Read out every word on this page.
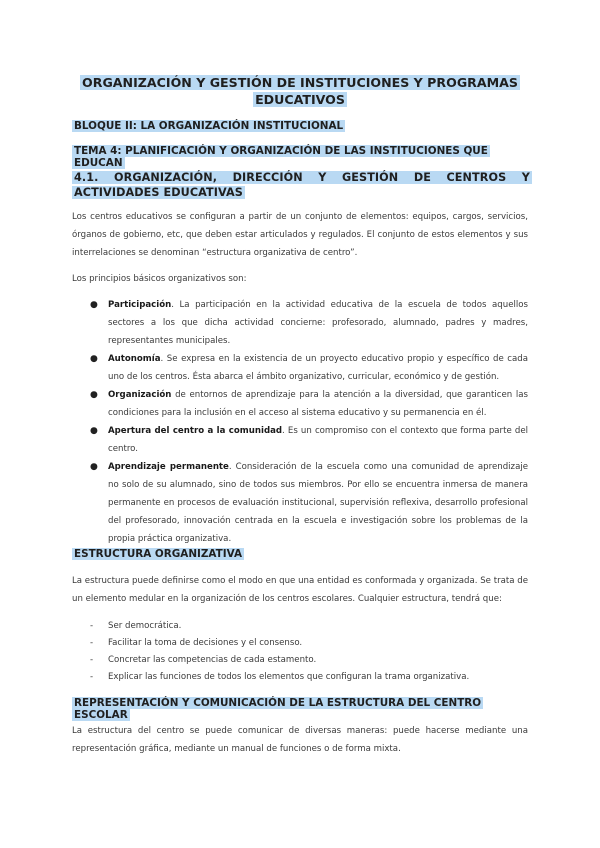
ORGANIZACIÓN Y GESTIÓN DE INSTITUCIONES Y PROGRAMAS EDUCATIVOS
BLOQUE II: LA ORGANIZACIÓN INSTITUCIONAL
TEMA 4: PLANIFICACIÓN Y ORGANIZACIÓN DE LAS INSTITUCIONES QUE EDUCAN
4.1. ORGANIZACIÓN, DIRECCIÓN Y GESTIÓN DE CENTROS Y ACTIVIDADES EDUCATIVAS

Los centros educativos se configuran a partir de un conjunto de elementos: equipos, cargos, servicios, órganos de gobierno, etc, que deben estar articulados y regulados. El conjunto de estos elementos y sus interrelaciones se denominan “estructura organizativa de centro”.

Los principios básicos organizativos son:

● Participación. La participación en la actividad educativa de la escuela de todos aquellos sectores a los que dicha actividad concierne: profesorado, alumnado, padres y madres, representantes municipales.
● Autonomía. Se expresa en la existencia de un proyecto educativo propio y específico de cada uno de los centros. Ésta abarca el ámbito organizativo, curricular, económico y de gestión.
● Organización de entornos de aprendizaje para la atención a la diversidad, que garanticen las condiciones para la inclusión en el acceso al sistema educativo y su permanencia en él.
● Apertura del centro a la comunidad. Es un compromiso con el contexto que forma parte del centro.
● Aprendizaje permanente. Consideración de la escuela como una comunidad de aprendizaje no solo de su alumnado, sino de todos sus miembros. Por ello se encuentra inmersa de manera permanente en procesos de evaluación institucional, supervisión reflexiva, desarrollo profesional del profesorado, innovación centrada en la escuela e investigación sobre los problemas de la propia práctica organizativa.
ESTRUCTURA ORGANIZATIVA

La estructura puede definirse como el modo en que una entidad es conformada y organizada. Se trata de un elemento medular en la organización de los centros escolares. Cualquier estructura, tendrá que:

- Ser democrática.
- Facilitar la toma de decisiones y el consenso.
- Concretar las competencias de cada estamento.
- Explicar las funciones de todos los elementos que configuran la trama organizativa.
REPRESENTACIÓN Y COMUNICACIÓN DE LA ESTRUCTURA DEL CENTRO ESCOLAR

La estructura del centro se puede comunicar de diversas maneras: puede hacerse mediante una representación gráfica, mediante un manual de funciones o de forma mixta.
